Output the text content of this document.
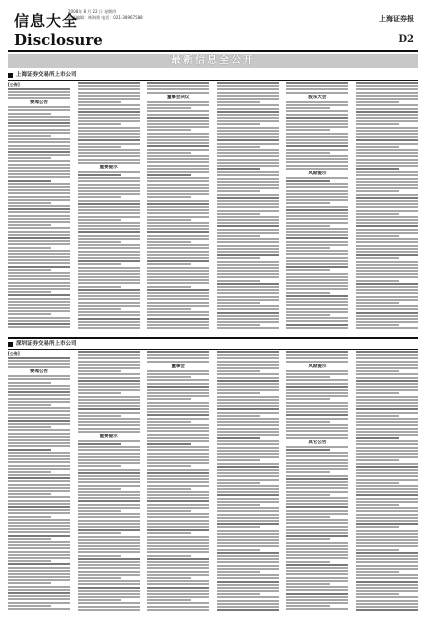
信息大全
2008年 8 月 22 日 星期四
责任编辑：林海舜 电话：021-38967588
Disclosure
上海证券报
D2
最新信息全公开
上海证券交易所上市公司
[公告]
要闻公告
重要提示
董事会决议	股东大会
风险提示
深圳证券交易所上市公司
[公告]
要闻公告
重要提示
董事会	风险提示
其它公告
